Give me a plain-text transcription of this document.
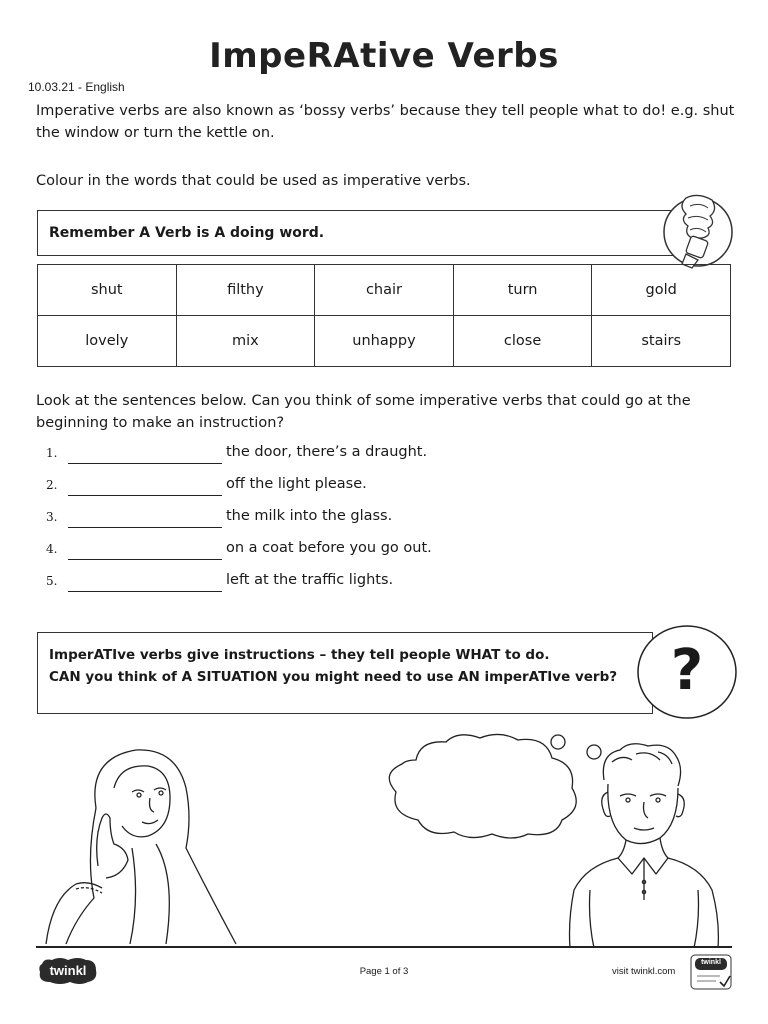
ImpeRAtive Verbs
10.03.21 - English
Imperative verbs are also known as ‘bossy verbs’ because they tell people what to do! e.g. shut the window or turn the kettle on.
Colour in the words that could be used as imperative verbs.
Remember A Verb is A doing word.
shut	filthy	chair	turn	gold
lovely	mix	unhappy	close	stairs
Look at the sentences below. Can you think of some imperative verbs that could go at the beginning to make an instruction?
1.	the door, there’s a draught.
2.	off the light please.
3.	the milk into the glass.
4.	on a coat before you go out.
5.	left at the traffic lights.
ImperATIve verbs give instructions – they tell people WHAT to do.
CAN you think of A SITUATION you might need to use AN imperATIve verb? ?
twinkl	Page 1 of 3	visit twinkl.com
twinkl
